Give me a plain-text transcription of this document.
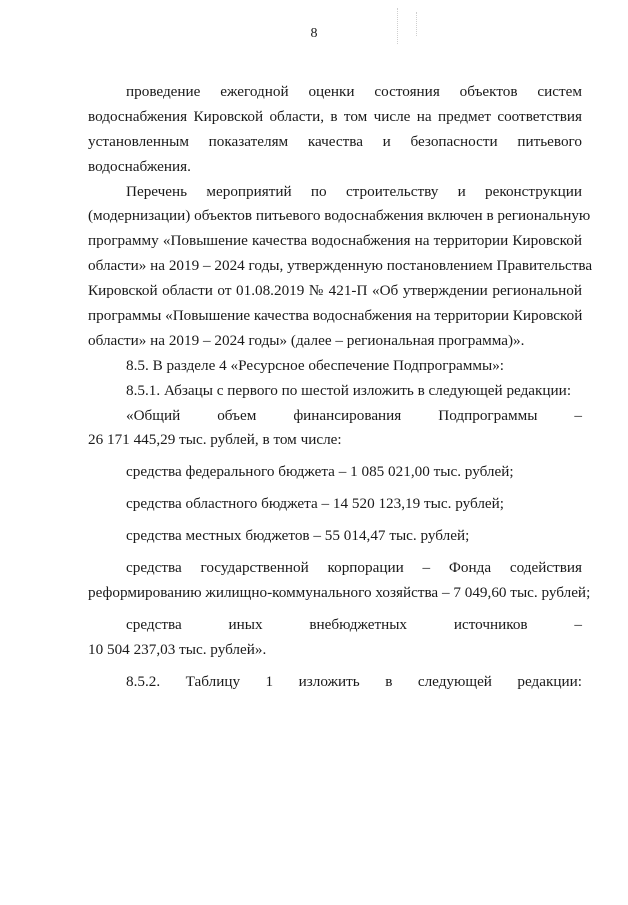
8
проведение ежегодной оценки состояния объектов систем
водоснабжения Кировской области, в том числе на предмет соответствия
установленным показателям качества и безопасности питьевого
водоснабжения.
Перечень мероприятий по строительству и реконструкции
(модернизации) объектов питьевого водоснабжения включен в региональную
программу «Повышение качества водоснабжения на территории Кировской
области» на 2019 – 2024 годы, утвержденную постановлением Правительства
Кировской области от 01.08.2019 № 421-П «Об утверждении региональной
программы «Повышение качества водоснабжения на территории Кировской
области» на 2019 – 2024 годы» (далее – региональная программа)».
8.5. В разделе 4 «Ресурсное обеспечение Подпрограммы»:
8.5.1. Абзацы с первого по шестой изложить в следующей редакции:
«Общий объем финансирования Подпрограммы –
26 171 445,29 тыс. рублей, в том числе:
средства федерального бюджета – 1 085 021,00 тыс. рублей;
средства областного бюджета – 14 520 123,19 тыс. рублей;
средства местных бюджетов – 55 014,47 тыс. рублей;
средства государственной корпорации – Фонда содействия
реформированию жилищно-коммунального хозяйства – 7 049,60 тыс. рублей;
средства иных внебюджетных источников –
10 504 237,03 тыс. рублей».
8.5.2. Таблицу 1 изложить в следующей редакции:
